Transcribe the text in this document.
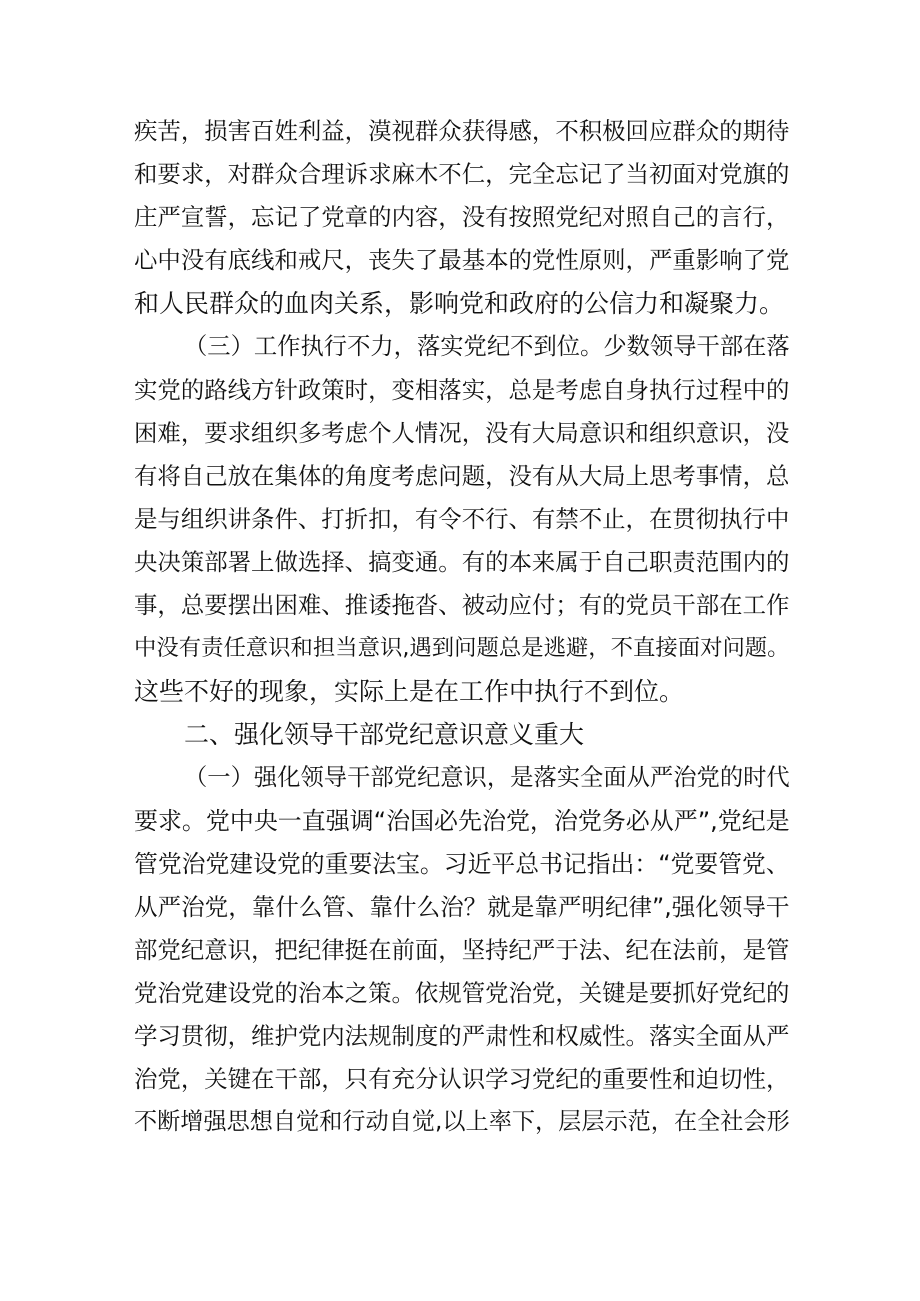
疾苦，损害百姓利益，漠视群众获得感，不积极回应群众的期待
和要求，对群众合理诉求麻木不仁，完全忘记了当初面对党旗的
庄严宣誓，忘记了党章的内容，没有按照党纪对照自己的言行，
心中没有底线和戒尺，丧失了最基本的党性原则，严重影响了党
和人民群众的血肉关系，影响党和政府的公信力和凝聚力。
（三）工作执行不力，落实党纪不到位。少数领导干部在落
实党的路线方针政策时，变相落实，总是考虑自身执行过程中的
困难，要求组织多考虑个人情况，没有大局意识和组织意识，没
有将自己放在集体的角度考虑问题，没有从大局上思考事情，总
是与组织讲条件、打折扣，有令不行、有禁不止，在贯彻执行中
央决策部署上做选择、搞变通。有的本来属于自己职责范围内的
事，总要摆出困难、推诿拖沓、被动应付；有的党员干部在工作
中没有责任意识和担当意识,遇到问题总是逃避，不直接面对问题。
这些不好的现象，实际上是在工作中执行不到位。
二、强化领导干部党纪意识意义重大
（一）强化领导干部党纪意识，是落实全面从严治党的时代
要求。党中央一直强调“治国必先治党，治党务必从严”,党纪是
管党治党建设党的重要法宝。习近平总书记指出：“党要管党、
从严治党，靠什么管、靠什么治？就是靠严明纪律”,强化领导干
部党纪意识，把纪律挺在前面，坚持纪严于法、纪在法前，是管
党治党建设党的治本之策。依规管党治党，关键是要抓好党纪的
学习贯彻，维护党内法规制度的严肃性和权威性。落实全面从严
治党，关键在干部，只有充分认识学习党纪的重要性和迫切性，
不断增强思想自觉和行动自觉,以上率下，层层示范，在全社会形
